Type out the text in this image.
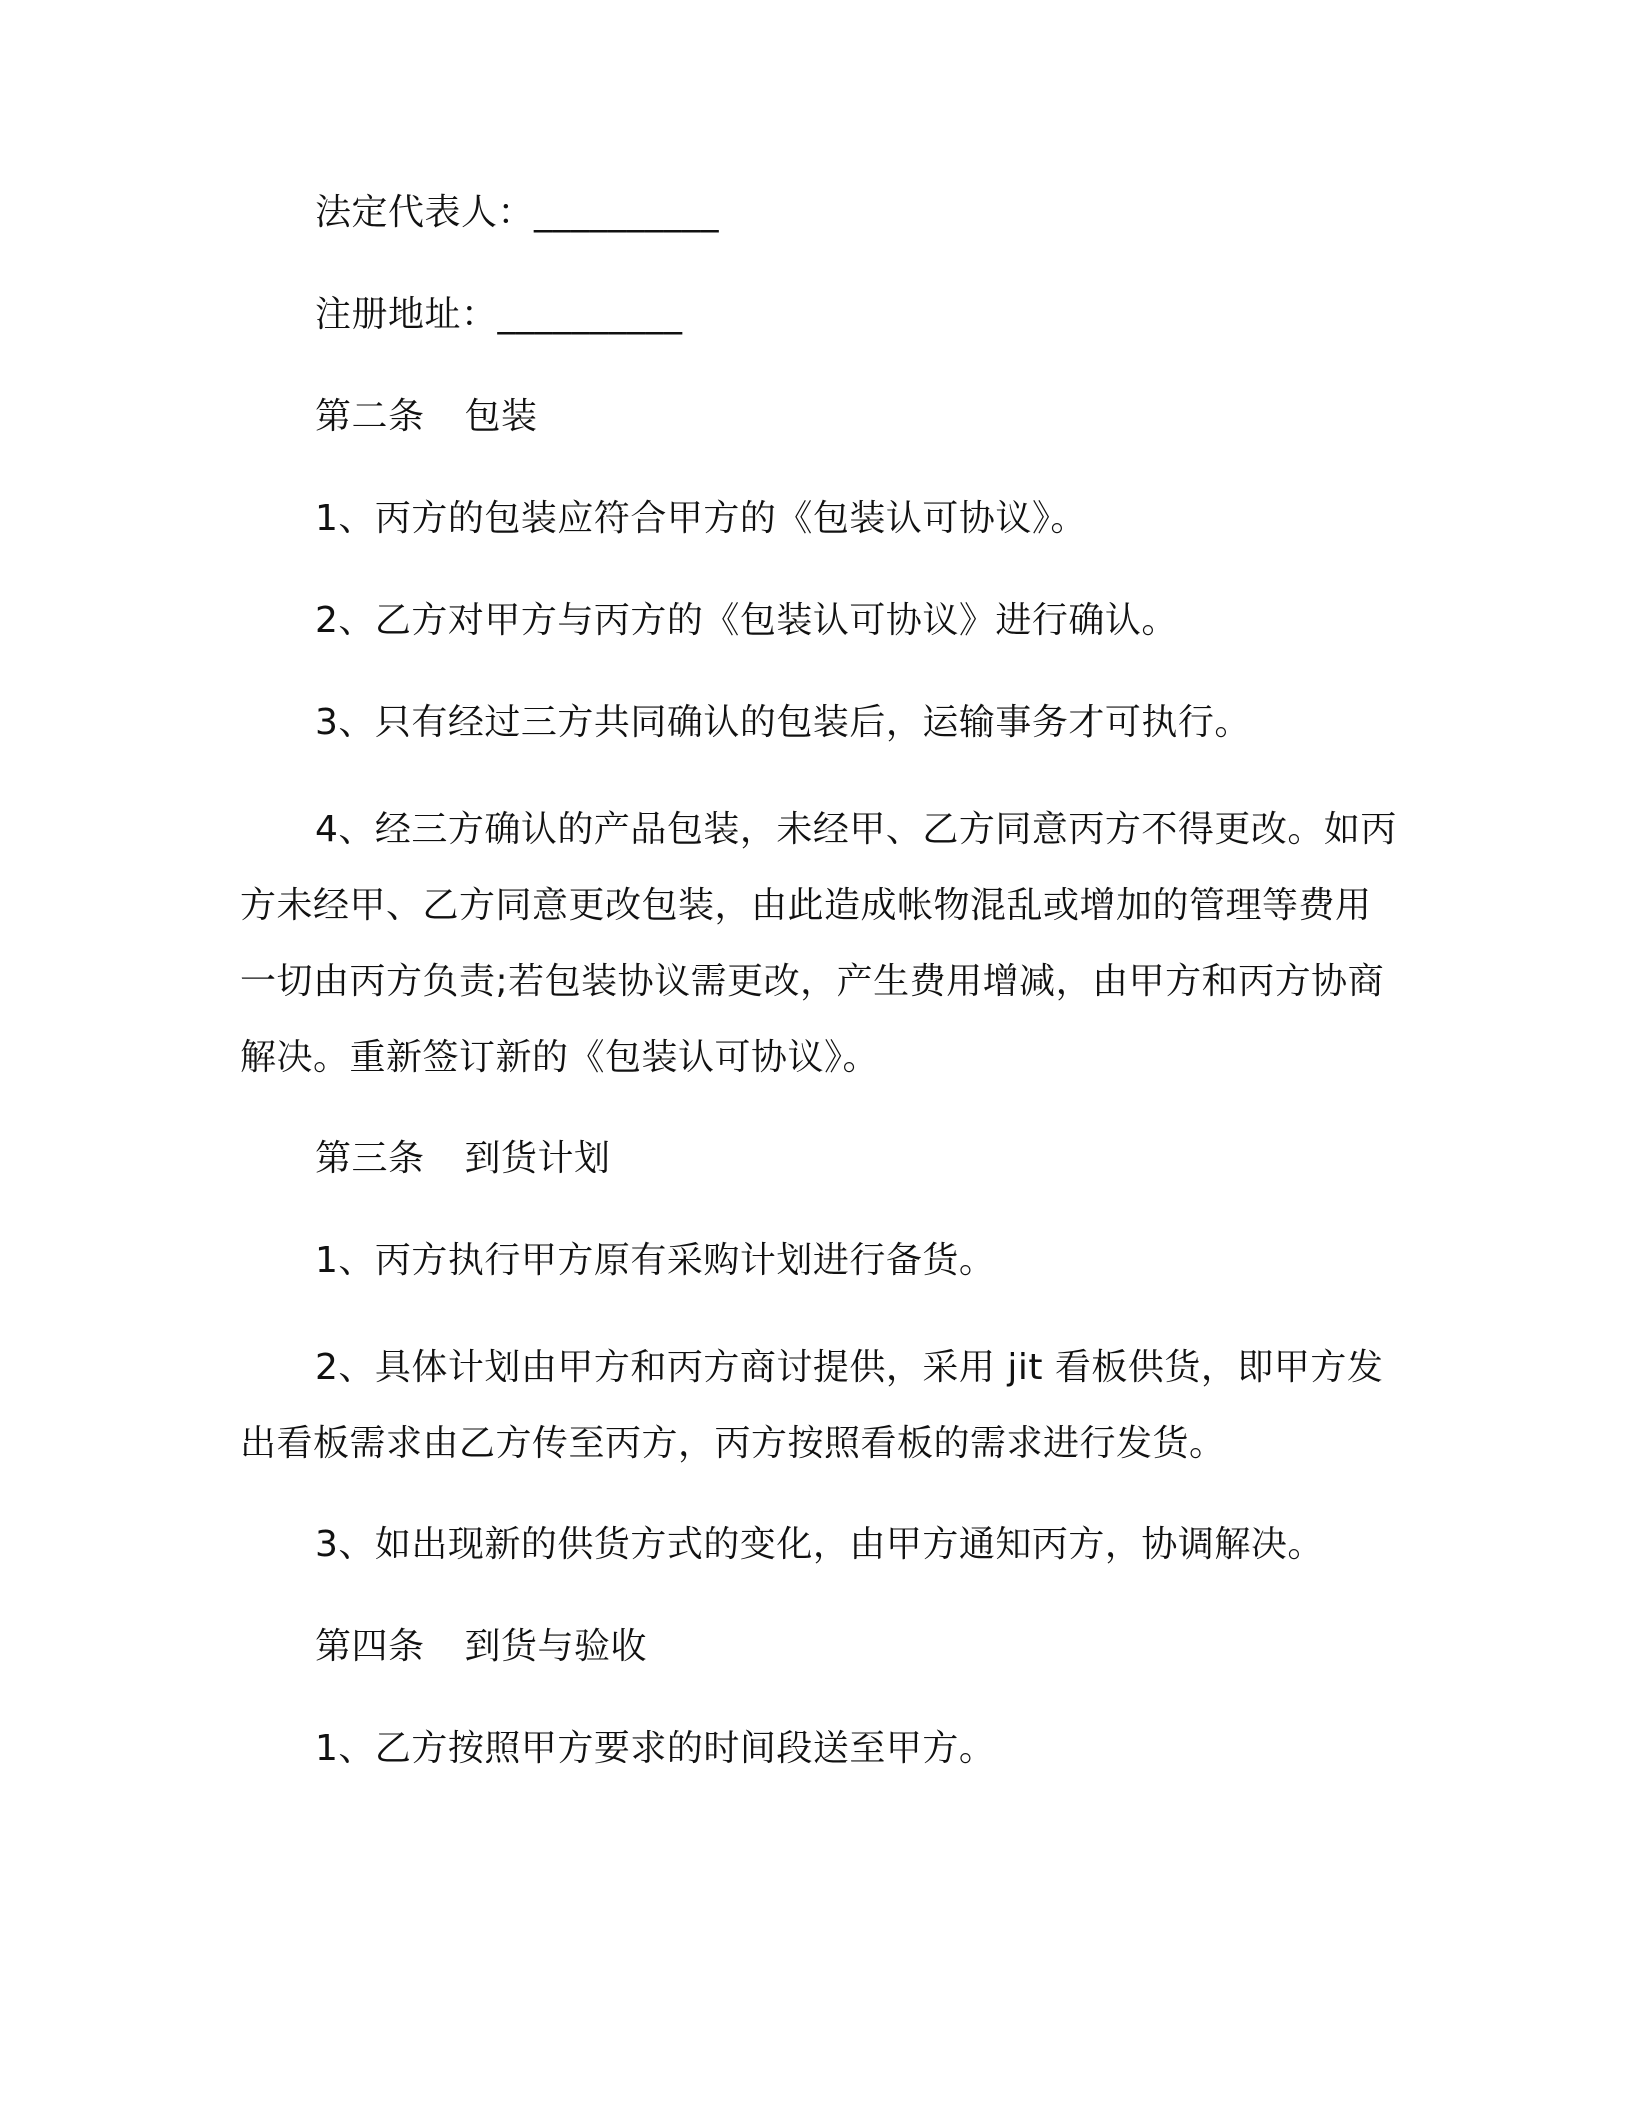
法定代表人：__________

注册地址：__________

第二条 包装

1、丙方的包装应符合甲方的《包装认可协议》。

2、乙方对甲方与丙方的《包装认可协议》进行确认。

3、只有经过三方共同确认的包装后，运输事务才可执行。

4、经三方确认的产品包装，未经甲、乙方同意丙方不得更改。如丙方未经甲、乙方同意更改包装，由此造成帐物混乱或增加的管理等费用一切由丙方负责;若包装协议需更改，产生费用增减，由甲方和丙方协商解决。重新签订新的《包装认可协议》。

第三条 到货计划

1、丙方执行甲方原有采购计划进行备货。

2、具体计划由甲方和丙方商讨提供，采用 jit 看板供货，即甲方发出看板需求由乙方传至丙方，丙方按照看板的需求进行发货。

3、如出现新的供货方式的变化，由甲方通知丙方，协调解决。

第四条 到货与验收

1、乙方按照甲方要求的时间段送至甲方。
